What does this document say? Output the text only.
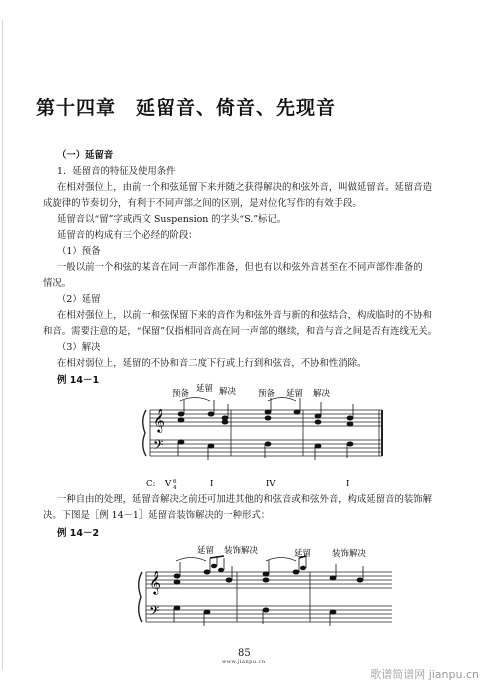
第十四章　延留音、倚音、先现音
（一）延留音
1．延留音的特征及使用条件
在相对强位上，由前一个和弦延留下来并随之获得解决的和弦外音，叫做延留音。延留音造
成旋律的节奏切分，有利于不同声部之间的区别，是对位化写作的有效手段。
延留音以“留”字或西文 Suspension 的字头“S.”标记。
延留音的构成有三个必经的阶段：
（1）预备
一般以前一个和弦的某音在同一声部作准备，但也有以和弦外音甚至在不同声部作准备的
情况。
（2）延留
在相对强位上，以前一和弦保留下来的音作为和弦外音与新的和弦结合，构成临时的不协和
和音。需要注意的是，“保留”仅指相同音高在同一声部的继续，和音与音之间是否有连线无关。
（3）解决
在相对弱位上，延留的不协和音二度下行或上行到和弦音，不协和性消除。
例 14－1
𝄞
𝄢
预备 延留 解决	预备 延留 解决
C: V 6
4	I	IV	I
一种自由的处理，延留音解决之前还可加进其他的和弦音或和弦外音，构成延留音的装饰解
决。下图是［例 14－1］延留音装饰解决的一种形式：
例 14－2
𝄞
𝄢
延留 装饰解决	延留 装饰解决
85
www.jianpu.cn
歌谱简谱网 jianpu.cn
